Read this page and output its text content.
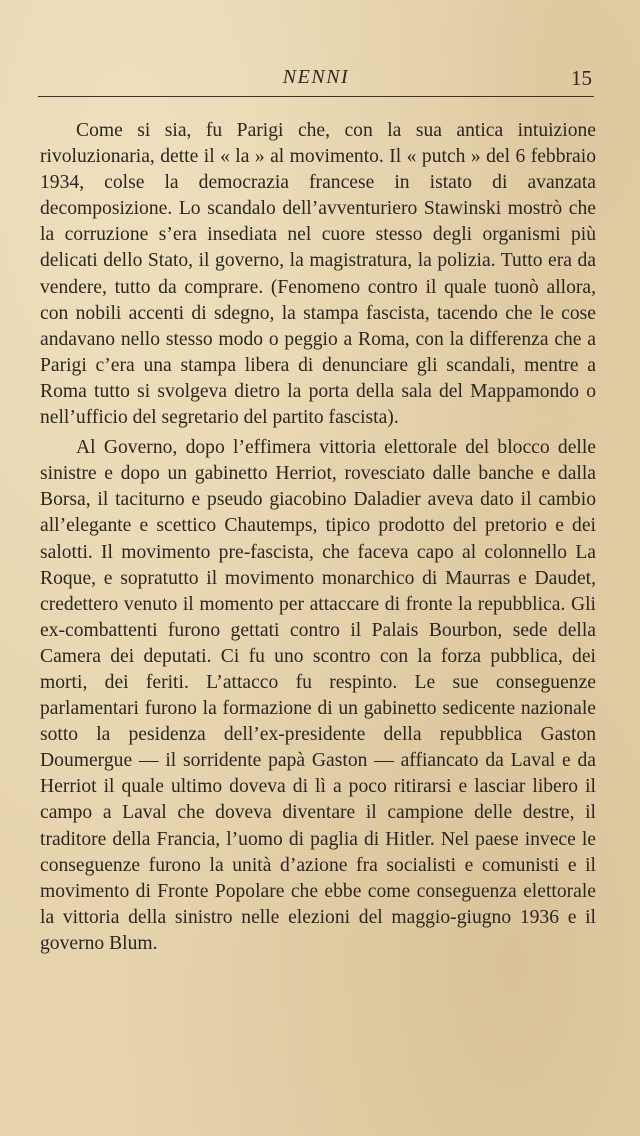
NENNI	15

Come si sia, fu Parigi che, con la sua antica intuizione rivoluzionaria, dette il « la » al movimento. Il « putch » del 6 febbraio 1934, colse la democrazia francese in istato di avanzata decomposizione. Lo scandalo dell’avventuriero Stawinski mostrò che la corruzione s’era insediata nel cuore stesso degli organismi più delicati dello Stato, il governo, la magistratura, la polizia. Tutto era da vendere, tutto da comprare. (Fenomeno contro il quale tuonò allora, con nobili accenti di sdegno, la stampa fascista, tacendo che le cose andavano nello stesso modo o peggio a Roma, con la differenza che a Parigi c’era una stampa libera di denunciare gli scandali, mentre a Roma tutto si svolgeva dietro la porta della sala del Mappamondo o nell’ufficio del segretario del partito fascista).

Al Governo, dopo l’effimera vittoria elettorale del blocco delle sinistre e dopo un gabinetto Herriot, rovesciato dalle banche e dalla Borsa, il taciturno e pseudo giacobino Daladier aveva dato il cambio all’elegante e scettico Chautemps, tipico prodotto del pretorio e dei salotti. Il movimento pre-fascista, che faceva capo al colonnello La Roque, e sopratutto il movimento monarchico di Maurras e Daudet, credettero venuto il momento per attaccare di fronte la repubblica. Gli ex-combattenti furono gettati contro il Palais Bourbon, sede della Camera dei deputati. Ci fu uno scontro con la forza pubblica, dei morti, dei feriti. L’attacco fu respinto. Le sue conseguenze parlamentari furono la formazione di un gabinetto sedicente nazionale sotto la pesidenza dell’ex-presidente della repubblica Gaston Doumergue — il sorridente papà Gaston — affiancato da Laval e da Herriot il quale ultimo doveva di lì a poco ritirarsi e lasciar libero il campo a Laval che doveva diventare il campione delle destre, il traditore della Francia, l’uomo di paglia di Hitler. Nel paese invece le conseguenze furono la unità d’azione fra socialisti e comunisti e il movimento di Fronte Popolare che ebbe come conseguenza elettorale la vittoria della sinistro nelle elezioni del maggio-giugno 1936 e il governo Blum.
